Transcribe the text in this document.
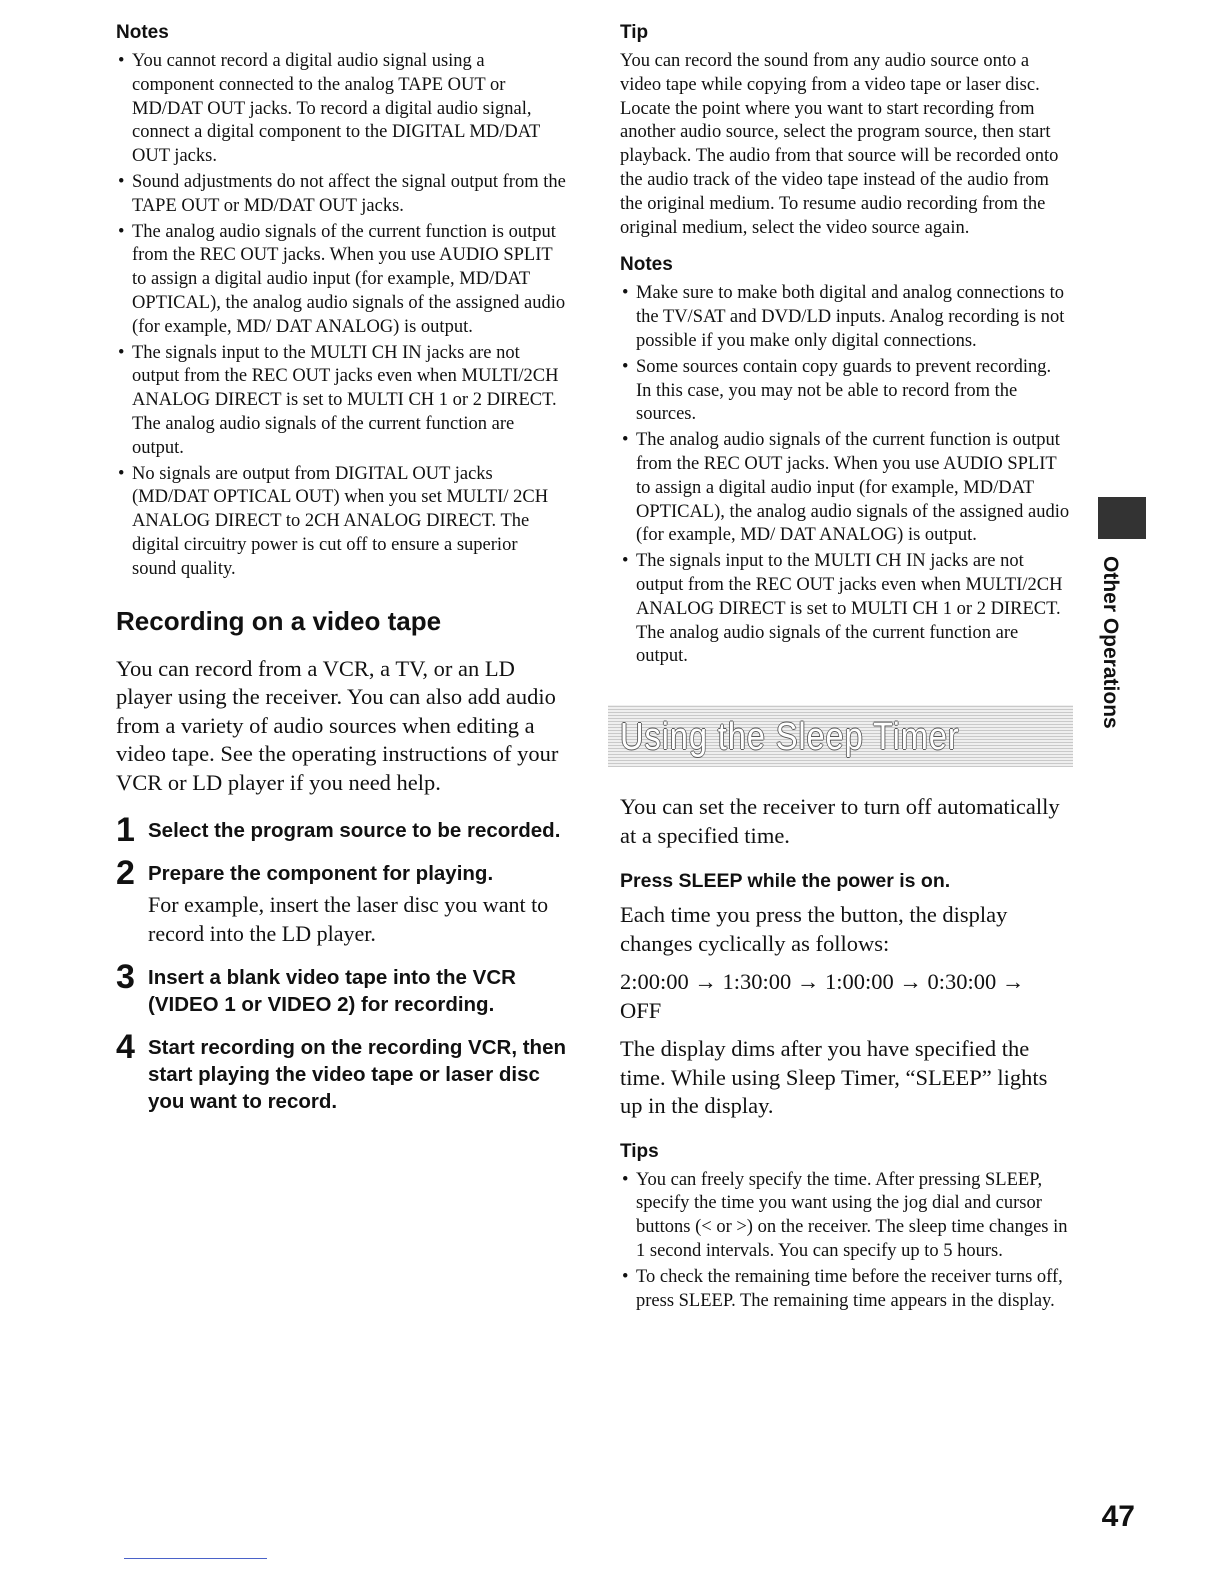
Notes
• You cannot record a digital audio signal using a component connected to the analog TAPE OUT or MD/DAT OUT jacks. To record a digital audio signal, connect a digital component to the DIGITAL MD/DAT OUT jacks.
• Sound adjustments do not affect the signal output from the TAPE OUT or MD/DAT OUT jacks.
• The analog audio signals of the current function is output from the REC OUT jacks. When you use AUDIO SPLIT to assign a digital audio input (for example, MD/DAT OPTICAL), the analog audio signals of the assigned audio (for example, MD/ DAT ANALOG) is output.
• The signals input to the MULTI CH IN jacks are not output from the REC OUT jacks even when MULTI/2CH ANALOG DIRECT is set to MULTI CH 1 or 2 DIRECT. The analog audio signals of the current function are output.
• No signals are output from DIGITAL OUT jacks (MD/DAT OPTICAL OUT) when you set MULTI/ 2CH ANALOG DIRECT to 2CH ANALOG DIRECT. The digital circuitry power is cut off to ensure a superior sound quality.
Recording on a video tape

You can record from a VCR, a TV, or an LD player using the receiver. You can also add audio from a variety of audio sources when editing a video tape. See the operating instructions of your VCR or LD player if you need help.

1 Select the program source to be recorded.
2 Prepare the component for playing.
For example, insert the laser disc you want to record into the LD player.
3 Insert a blank video tape into the VCR (VIDEO 1 or VIDEO 2) for recording.
4 Start recording on the recording VCR, then start playing the video tape or laser disc you want to record.
Tip

You can record the sound from any audio source onto a video tape while copying from a video tape or laser disc. Locate the point where you want to start recording from another audio source, select the program source, then start playback. The audio from that source will be recorded onto the audio track of the video tape instead of the audio from the original medium. To resume audio recording from the original medium, select the video source again.

Notes
• Make sure to make both digital and analog connections to the TV/SAT and DVD/LD inputs. Analog recording is not possible if you make only digital connections.
• Some sources contain copy guards to prevent recording. In this case, you may not be able to record from the sources.
• The analog audio signals of the current function is output from the REC OUT jacks. When you use AUDIO SPLIT to assign a digital audio input (for example, MD/DAT OPTICAL), the analog audio signals of the assigned audio (for example, MD/ DAT ANALOG) is output.
• The signals input to the MULTI CH IN jacks are not output from the REC OUT jacks even when MULTI/2CH ANALOG DIRECT is set to MULTI CH 1 or 2 DIRECT. The analog audio signals of the current function are output.
Using the Sleep Timer

You can set the receiver to turn off automatically at a specified time.

Press SLEEP while the power is on.

Each time you press the button, the display changes cyclically as follows:

2:00:00 → 1:30:00 → 1:00:00 → 0:30:00 → OFF

The display dims after you have specified the time. While using Sleep Timer, “SLEEP” lights up in the display.

Tips
• You can freely specify the time. After pressing SLEEP, specify the time you want using the jog dial and cursor buttons (< or >) on the receiver. The sleep time changes in 1 second intervals. You can specify up to 5 hours.
• To check the remaining time before the receiver turns off, press SLEEP. The remaining time appears in the display.
Other Operations
47
